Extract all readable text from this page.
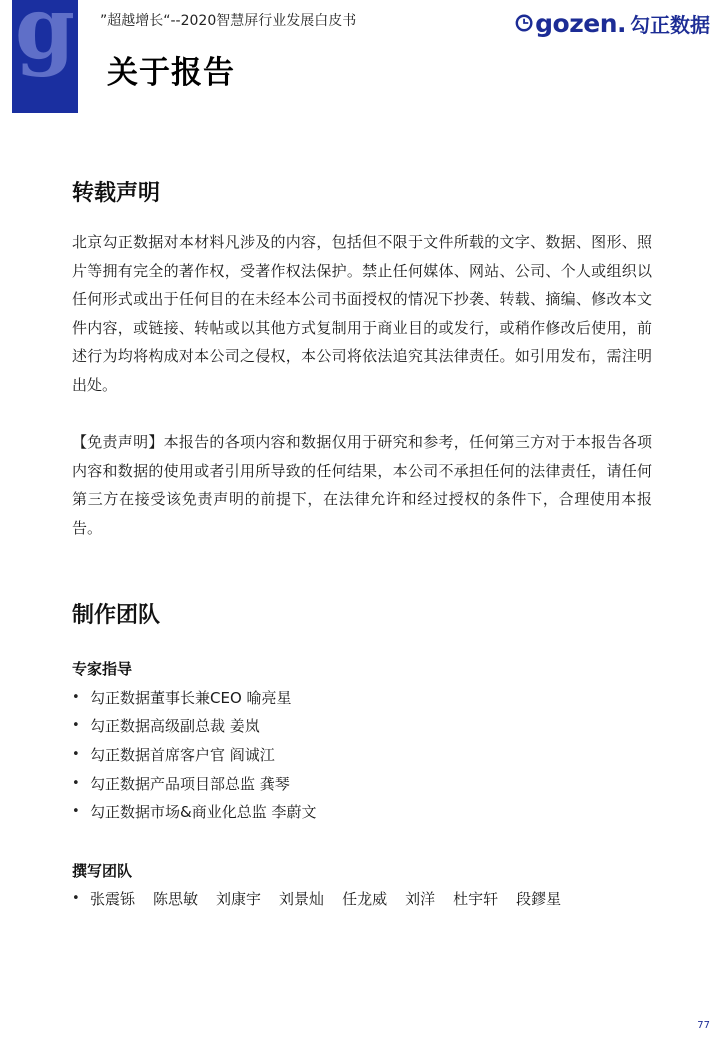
g ”超越增长“--2020智慧屏行业发展白皮书
关于报告
gozen. 勾正数据
转载声明
北京勾正数据对本材料凡涉及的内容，包括但不限于文件所载的文字、数据、图形、照片等拥有完全的著作权，受著作权法保护。禁止任何媒体、网站、公司、个人或组织以任何形式或出于任何目的在未经本公司书面授权的情况下抄袭、转载、摘编、修改本文件内容，或链接、转帖或以其他方式复制用于商业目的或发行，或稍作修改后使用，前述行为均将构成对本公司之侵权，本公司将依法追究其法律责任。如引用发布，需注明出处。
【免责声明】本报告的各项内容和数据仅用于研究和参考，任何第三方对于本报告各项内容和数据的使用或者引用所导致的任何结果，本公司不承担任何的法律责任，请任何第三方在接受该免责声明的前提下，在法律允许和经过授权的条件下，合理使用本报告。
制作团队
专家指导
• 勾正数据董事长兼CEO 喻亮星
• 勾正数据高级副总裁 姜岚
• 勾正数据首席客户官 阎诚江
• 勾正数据产品项目部总监 龚琴
• 勾正数据市场&商业化总监 李蔚文
撰写团队
• 张震铄 陈思敏 刘康宇 刘景灿 任龙威 刘洋 杜宇轩 段鏐星
77
